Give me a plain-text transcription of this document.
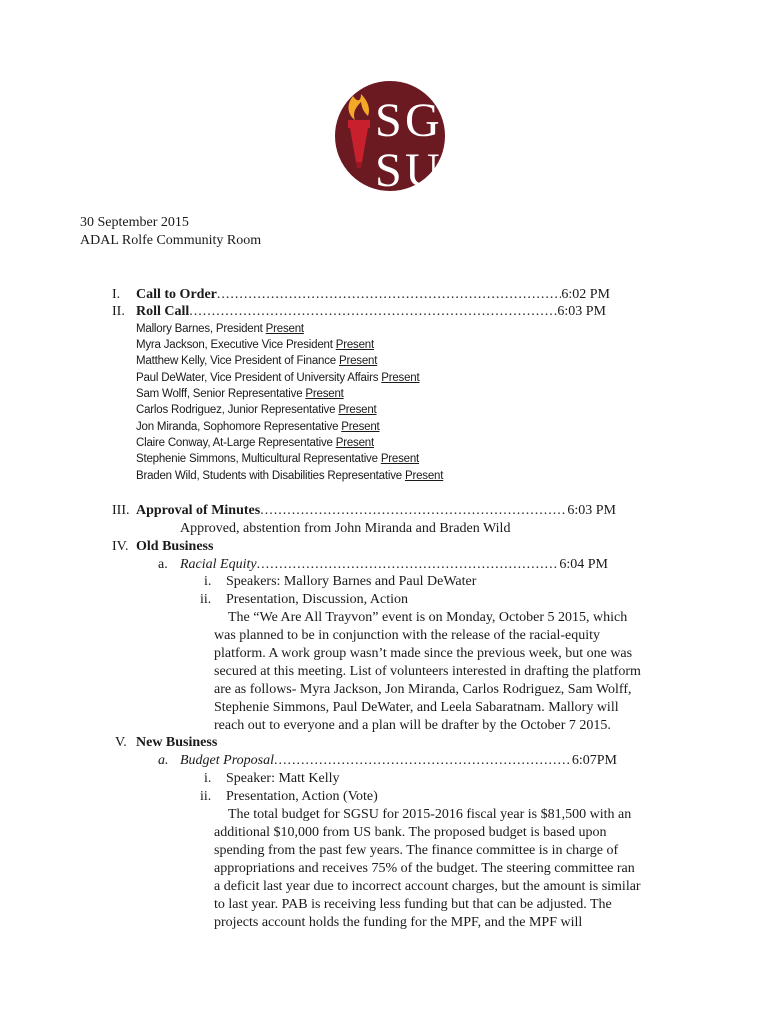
S G
S U
30 September 2015
ADAL Rolfe Community Room
I. Call to Order .....	6:02 PM
II. Roll Call .....	6:03 PM
Mallory Barnes, President Present
Myra Jackson, Executive Vice President Present
Matthew Kelly, Vice President of Finance Present
Paul DeWater, Vice President of University Affairs Present
Sam Wolff, Senior Representative Present
Carlos Rodriguez, Junior Representative Present
Jon Miranda, Sophomore Representative Present
Claire Conway, At-Large Representative Present
Stephenie Simmons, Multicultural Representative Present
Braden Wild, Students with Disabilities Representative Present
III. Approval of Minutes .....	6:03 PM
Approved, abstention from John Miranda and Braden Wild
IV. Old Business
a. Racial Equity .....	6:04 PM
i. Speakers: Mallory Barnes and Paul DeWater
ii. Presentation, Discussion, Action
The “We Are All Trayvon” event is on Monday, October 5 2015, which
was planned to be in conjunction with the release of the racial-equity
platform. A work group wasn’t made since the previous week, but one was
secured at this meeting. List of volunteers interested in drafting the platform
are as follows- Myra Jackson, Jon Miranda, Carlos Rodriguez, Sam Wolff,
Stephenie Simmons, Paul DeWater, and Leela Sabaratnam. Mallory will
reach out to everyone and a plan will be drafter by the October 7 2015.
V. New Business
a. Budget Proposal .....	6:07PM
i. Speaker: Matt Kelly
ii. Presentation, Action (Vote)
The total budget for SGSU for 2015-2016 fiscal year is $81,500 with an
additional $10,000 from US bank. The proposed budget is based upon
spending from the past few years. The finance committee is in charge of
appropriations and receives 75% of the budget. The steering committee ran
a deficit last year due to incorrect account charges, but the amount is similar
to last year. PAB is receiving less funding but that can be adjusted. The
projects account holds the funding for the MPF, and the MPF will
